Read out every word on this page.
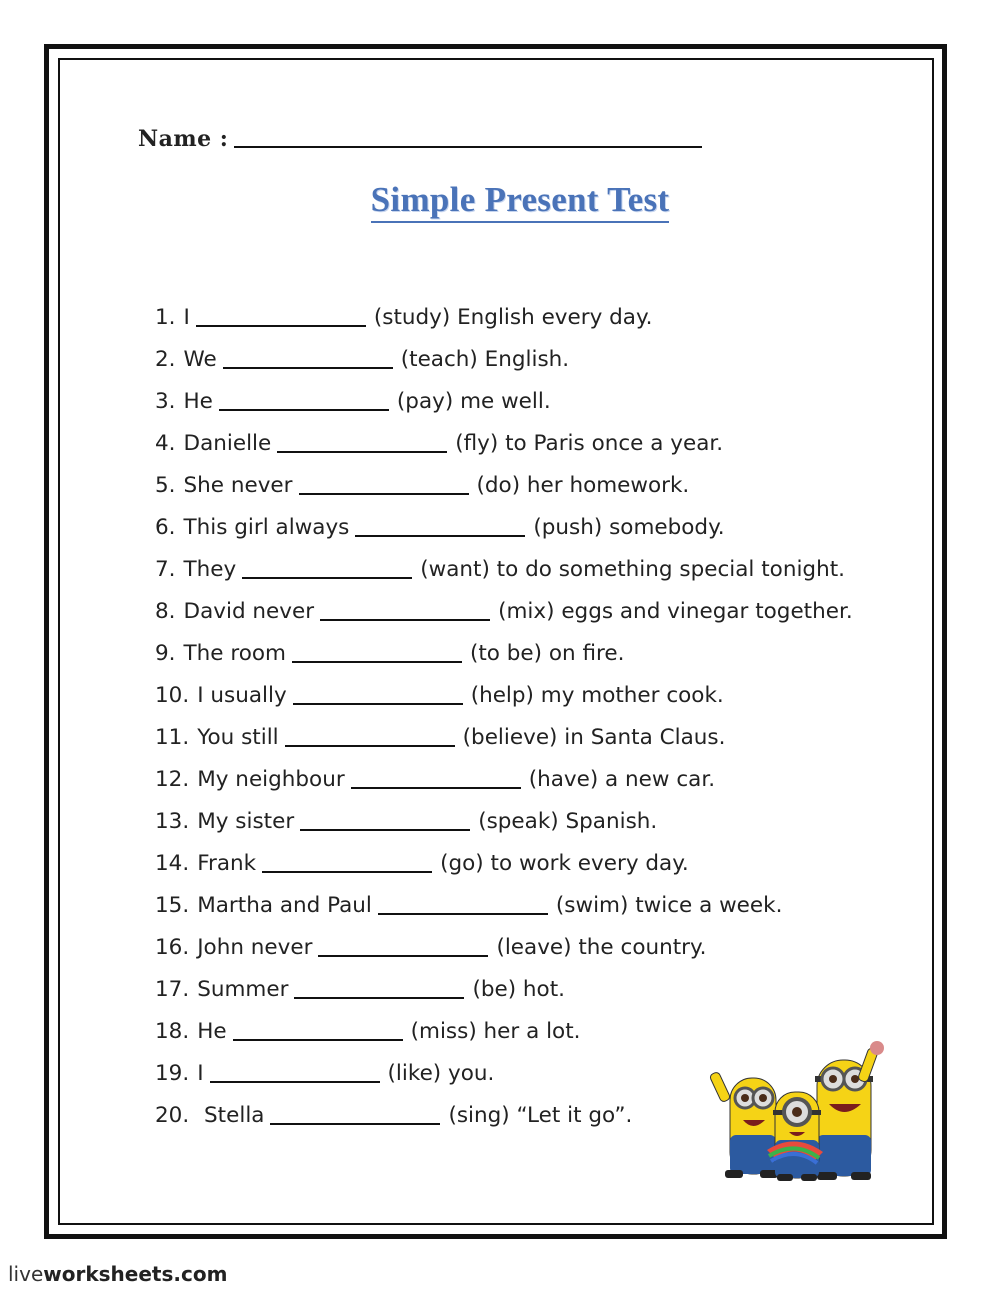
Name :
Simple Present Test
1. I	(study) English every day.
2. We	(teach) English.
3. He	(pay) me well.
4. Danielle	(fly) to Paris once a year.
5. She never	(do) her homework.
6. This girl always	(push) somebody.
7. They	(want) to do something special tonight.
8. David never	(mix) eggs and vinegar together.
9. The room	(to be) on fire.
10. I usually	(help) my mother cook.
11. You still	(believe) in Santa Claus.
12. My neighbour	(have) a new car.
13. My sister	(speak) Spanish.
14. Frank	(go) to work every day.
15. Martha and Paul	(swim) twice a week.
16. John never	(leave) the country.
17. Summer	(be) hot.
18. He	(miss) her a lot.
19. I	(like) you.
20. Stella	(sing) “Let it go”.
liveworksheets.com
